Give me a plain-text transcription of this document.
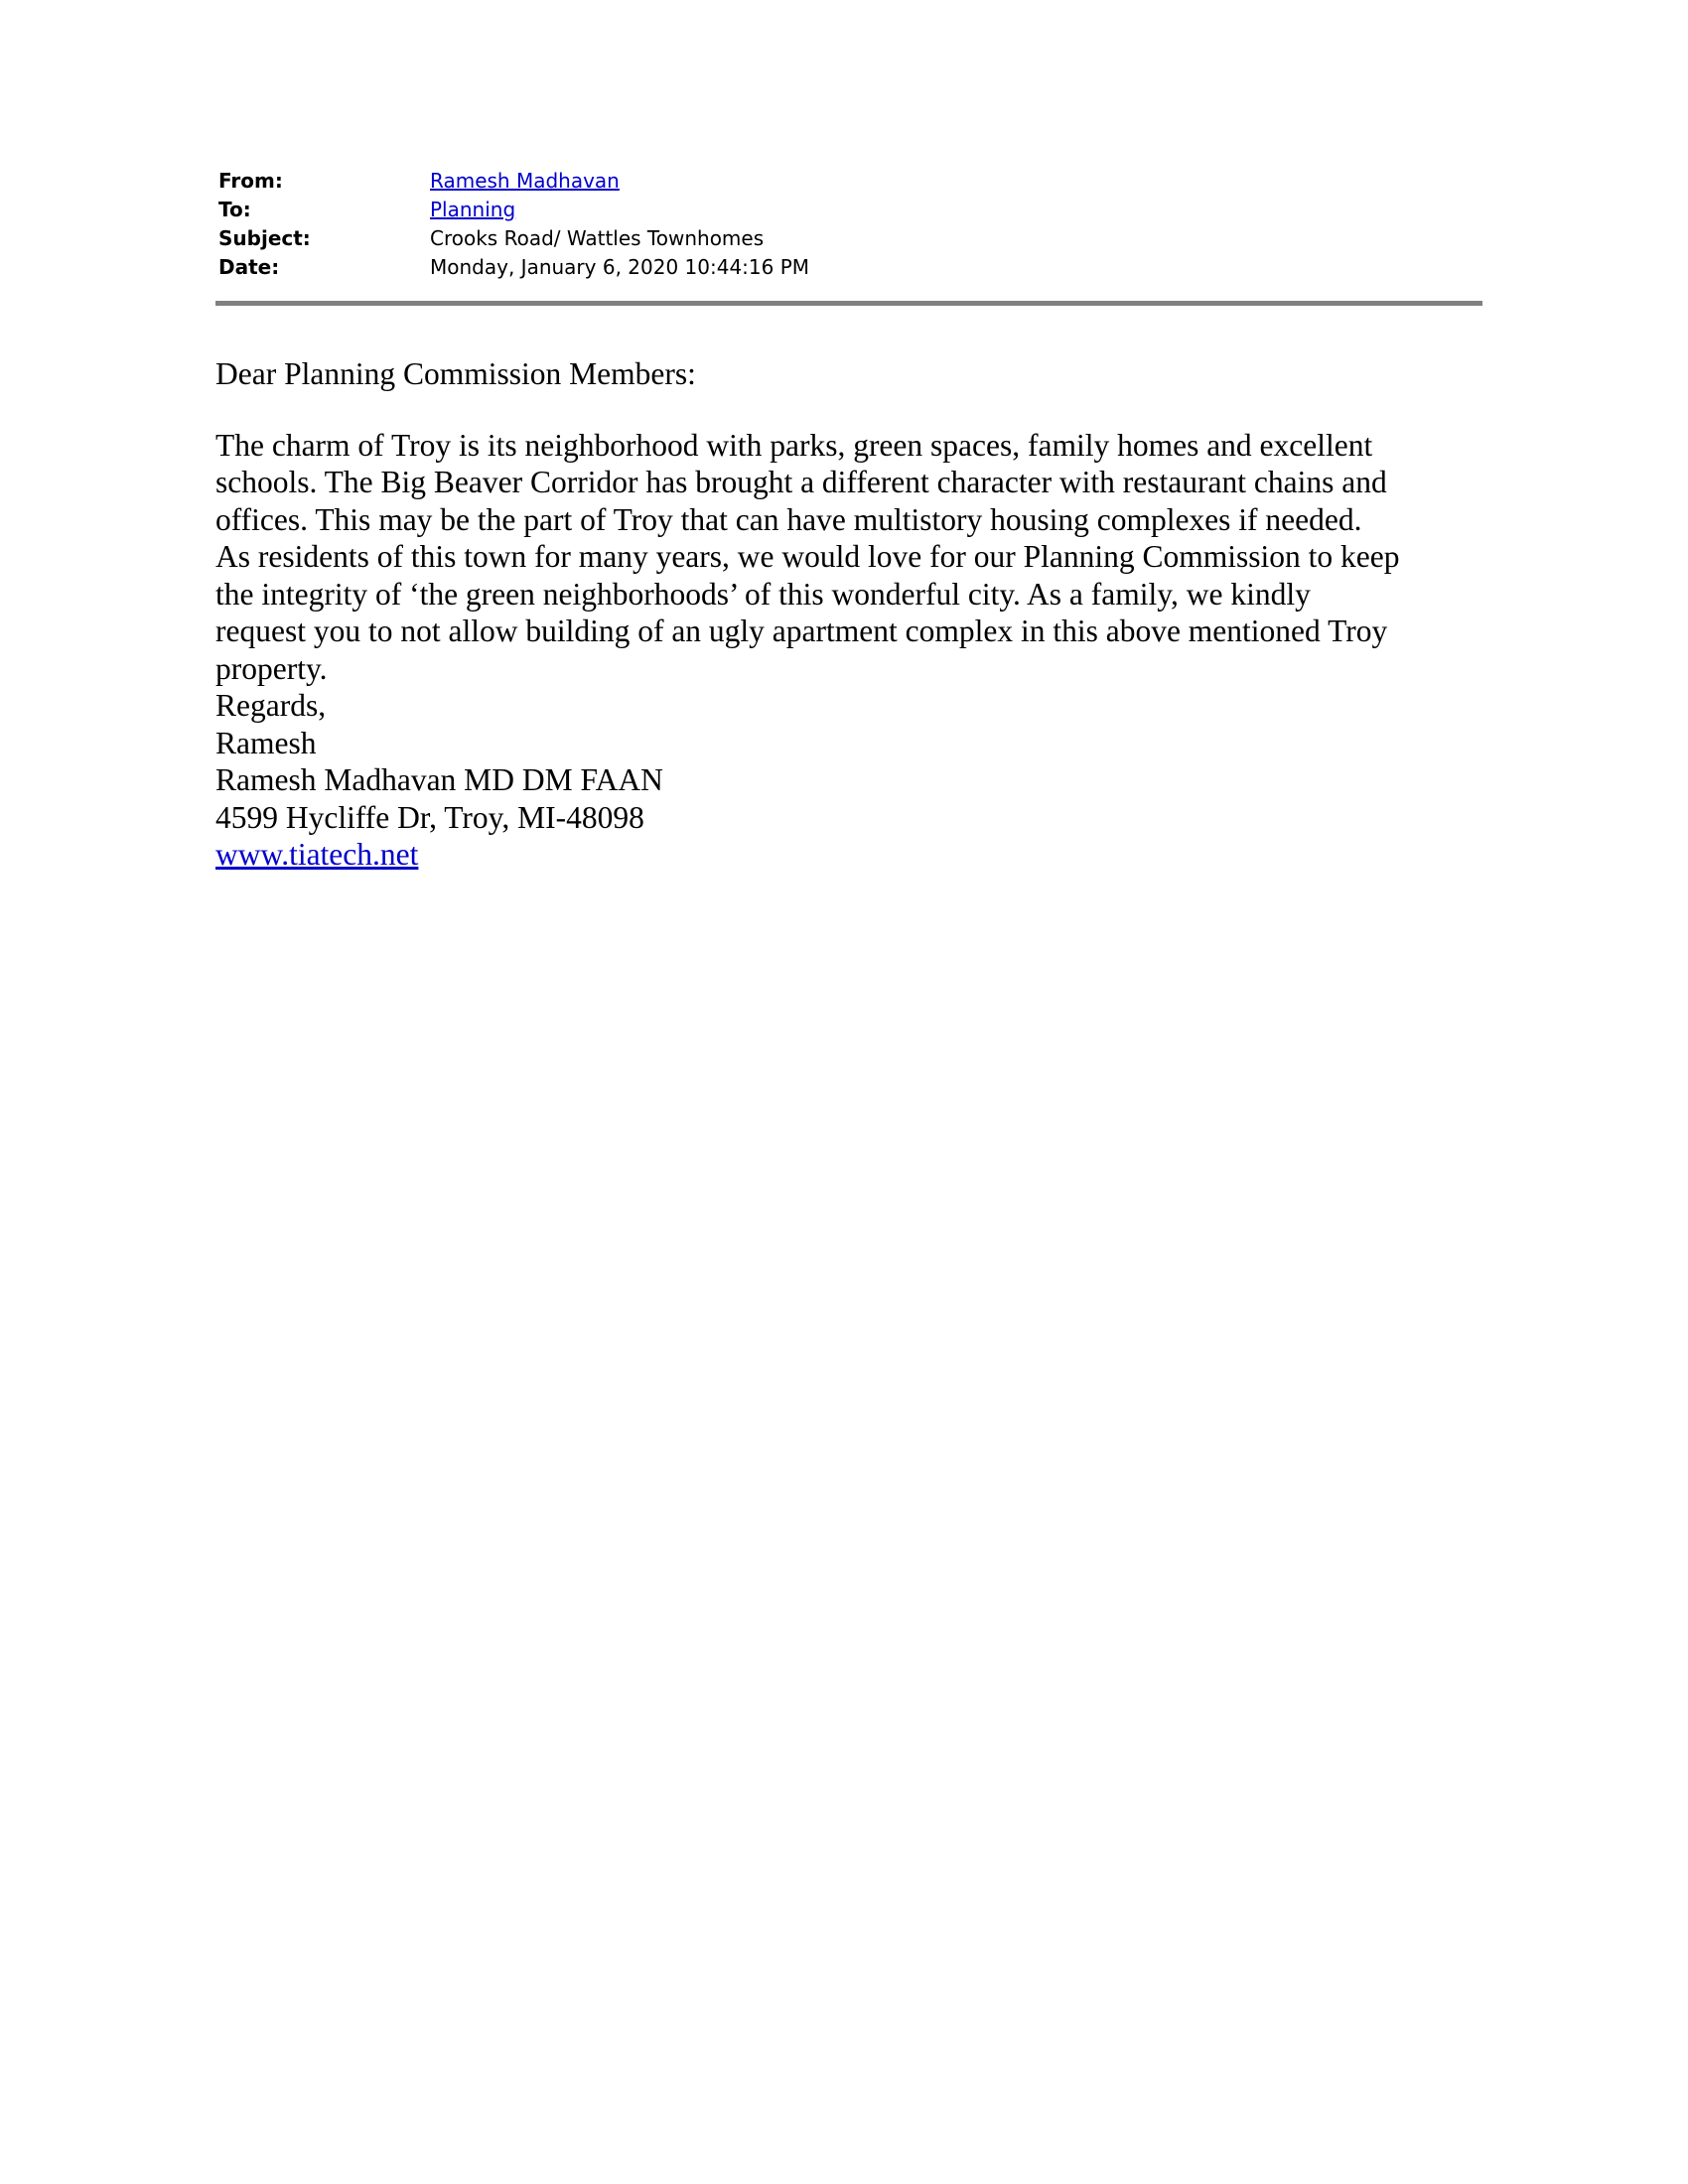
From:	Ramesh Madhavan
To:	Planning
Subject:	Crooks Road/ Wattles Townhomes
Date:	Monday, January 6, 2020 10:44:16 PM

Dear Planning Commission Members:

The charm of Troy is its neighborhood with parks, green spaces, family homes and excellent
schools. The Big Beaver Corridor has brought a different character with restaurant chains and
offices. This may be the part of Troy that can have multistory housing complexes if needed.
As residents of this town for many years, we would love for our Planning Commission to keep
the integrity of ‘the green neighborhoods’ of this wonderful city. As a family, we kindly
request you to not allow building of an ugly apartment complex in this above mentioned Troy
property.
Regards,
Ramesh
Ramesh Madhavan MD DM FAAN
4599 Hycliffe Dr, Troy, MI-48098
www.tiatech.net
